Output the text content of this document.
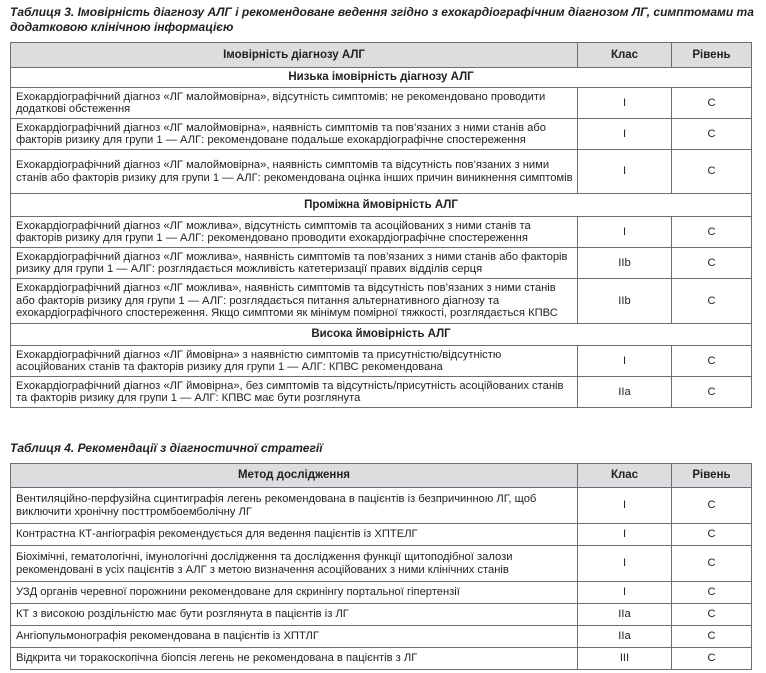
Таблиця 3. Імовірність діагнозу АЛГ і рекомендоване ведення згідно з ехокардіографічним діагнозом ЛГ, симптомами та додатковою клінічною інформацією
Імовірність діагнозу АЛГ	Клас	Рівень
Низька імовірність діагнозу АЛГ		
Ехокардіографічний діагноз «ЛГ малоймовірна», відсутність симптомів: не рекомендовано проводити додаткові обстеження	I	C
Ехокардіографічний діагноз «ЛГ малоймовірна», наявність симптомів та пов’язаних з ними станів або факторів ризику для групи 1 — АЛГ: рекомендоване подальше ехокардіографічне спостереження	I	C
Ехокардіографічний діагноз «ЛГ малоймовірна», наявність симптомів та відсутність пов’язаних з ними станів або факторів ризику для групи 1 — АЛГ: рекомендована оцінка інших причин виникнення симптомів	I	C
Проміжна ймовірність АЛГ		
Ехокардіографічний діагноз «ЛГ можлива», відсутність симптомів та асоційованих з ними станів та факторів ризику для групи 1 — АЛГ: рекомендовано проводити ехокардіографічне спостереження	I	C
Ехокардіографічний діагноз «ЛГ можлива», наявність симптомів та пов’язаних з ними станів або факторів ризику для групи 1 — АЛГ: розглядається можливість катетеризації правих відділів серця	IIb	C
Ехокардіографічний діагноз «ЛГ можлива», наявність симптомів та відсутність пов’язаних з ними станів або факторів ризику для групи 1 — АЛГ: розглядається питання альтернативного діагнозу та ехокардіографічного спостереження. Якщо симптоми як мінімум помірної тяжкості, розглядається КПВС	IIb	C
Висока ймовірність АЛГ		
Ехокардіографічний діагноз «ЛГ ймовірна» з наявністю симптомів та присутністю/відсутністю асоційованих станів та факторів ризику для групи 1 — АЛГ: КПВС рекомендована	I	C
Ехокардіографічний діагноз «ЛГ ймовірна», без симптомів та відсутність/присутність асоційованих станів та факторів ризику для групи 1 — АЛГ: КПВС має бути розглянута	IIa	C
Таблиця 4. Рекомендації з діагностичної стратегії
Метод дослідження	Клас	Рівень
Вентиляційно-перфузійна сцинтиграфія легень рекомендована в пацієнтів із безпричинною ЛГ, щоб виключити хронічну посттромбоемболічну ЛГ	I	C
Контрастна КТ-ангіографія рекомендується для ведення пацієнтів із ХПТЕЛГ	I	C
Біохімічні, гематологічні, імунологічні дослідження та дослідження функції щитоподібної залози рекомендовані в усіх пацієнтів з АЛГ з метою визначення асоційованих з ними клінічних станів	I	C
УЗД органів черевної порожнини рекомендоване для скринінгу портальної гіпертензії	I	C
КТ з високою роздільністю має бути розглянута в пацієнтів із ЛГ	IIa	C
Ангіопульмонографія рекомендована в пацієнтів із ХПТЛГ	IIa	C
Відкрита чи торакоскопічна біопсія легень не рекомендована в пацієнтів з ЛГ	III	C
